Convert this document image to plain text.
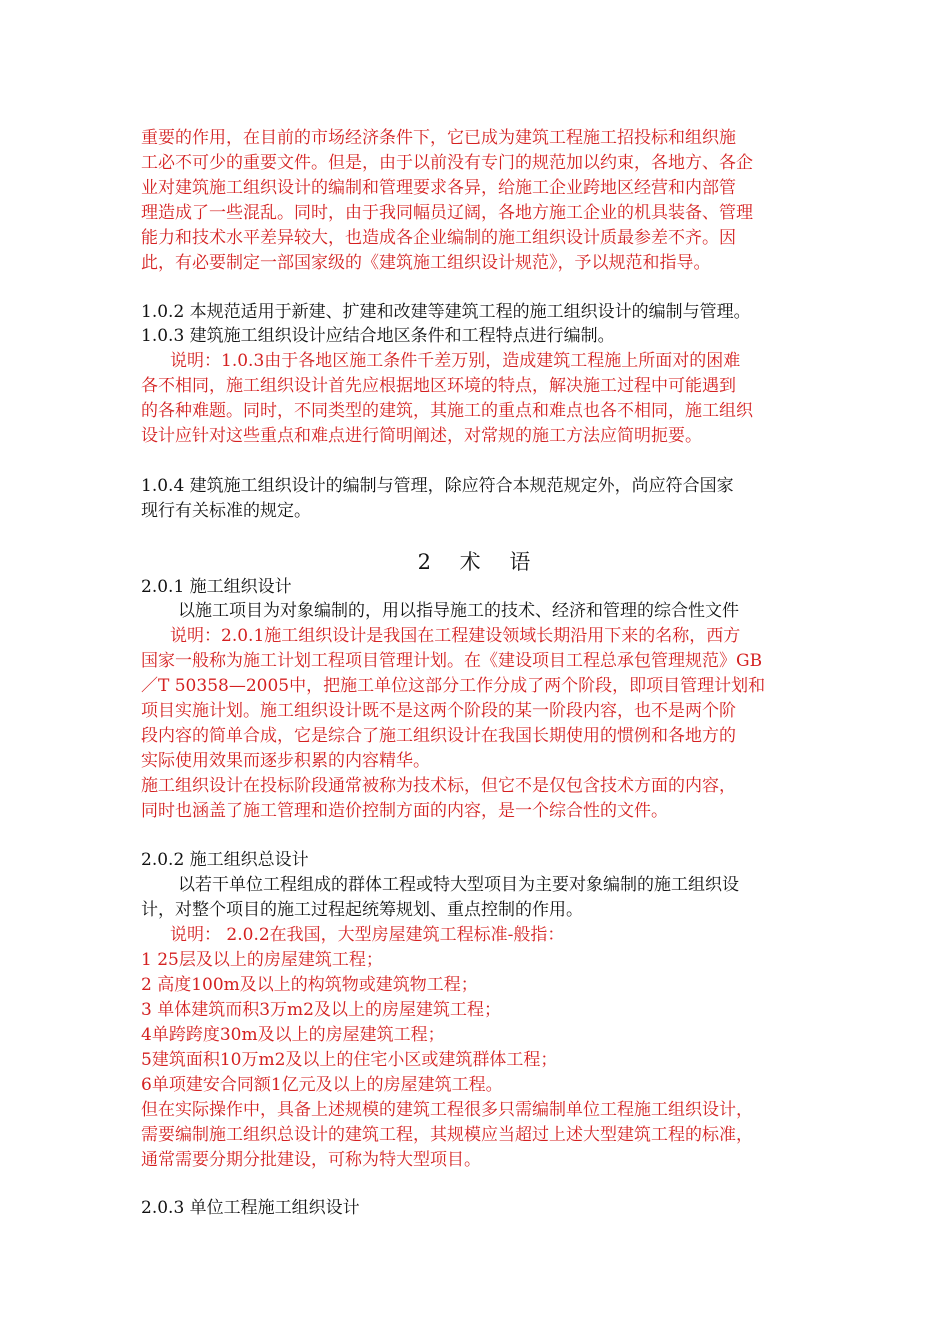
重要的作用，在目前的市场经济条件下，它已成为建筑工程施工招投标和组织施
工必不可少的重要文件。但是，由于以前没有专门的规范加以约束，各地方、各企
业对建筑施工组织设计的编制和管理要求各异，给施工企业跨地区经营和内部管
理造成了一些混乱。同时，由于我同幅员辽阔，各地方施工企业的机具装备、管理
能力和技术水平差异较大，也造成各企业编制的施工组织设计质最参差不齐。因
此，有必要制定一部国家级的《建筑施工组织设计规范》，予以规范和指导。
1.0.2 本规范适用于新建、扩建和改建等建筑工程的施工组织设计的编制与管理。
1.0.3 建筑施工组织设计应结合地区条件和工程特点进行编制。
说明：1.0.3由于各地区施工条件千差万别，造成建筑工程施上所面对的困难
各不相同，施工组织设计首先应根据地区环境的特点，解决施工过程中可能遇到
的各种难题。同时，不同类型的建筑，其施工的重点和难点也各不相同，施工组织
设计应针对这些重点和难点进行简明阐述，对常规的施工方法应简明扼要。
1.0.4 建筑施工组织设计的编制与管理，除应符合本规范规定外，尚应符合国家
现行有关标准的规定。
2 术 语
2.0.1 施工组织设计
以施工项目为对象编制的，用以指导施工的技术、经济和管理的综合性文件
说明：2.0.1施工组织设计是我国在工程建设领域长期沿用下来的名称，西方
国家一般称为施工计划工程项目管理计划。在《建设项目工程总承包管理规范》GB
／T 50358—2005中，把施工单位这部分工作分成了两个阶段，即项目管理计划和
项目实施计划。施工组织设计既不是这两个阶段的某一阶段内容，也不是两个阶
段内容的简单合成，它是综合了施工组织设计在我国长期使用的惯例和各地方的
实际使用效果而逐步积累的内容精华。
施工组织设计在投标阶段通常被称为技术标，但它不是仅包含技术方面的内容，
同时也涵盖了施工管理和造价控制方面的内容，是一个综合性的文件。
2.0.2 施工组织总设计
以若干单位工程组成的群体工程或特大型项目为主要对象编制的施工组织设
计，对整个项目的施工过程起统筹规划、重点控制的作用。
说明： 2.0.2在我国，大型房屋建筑工程标准-般指：
1 25层及以上的房屋建筑工程；
2 高度100m及以上的构筑物或建筑物工程；
3 单体建筑而积3万m2及以上的房屋建筑工程；
4单跨跨度30m及以上的房屋建筑工程；
5建筑面积10万m2及以上的住宅小区或建筑群体工程；
6单项建安合同额1亿元及以上的房屋建筑工程。
但在实际操作中，具备上述规模的建筑工程很多只需编制单位工程施工组织设计，
需要编制施工组织总设计的建筑工程，其规模应当超过上述大型建筑工程的标准，
通常需要分期分批建设，可称为特大型项目。
2.0.3 单位工程施工组织设计
